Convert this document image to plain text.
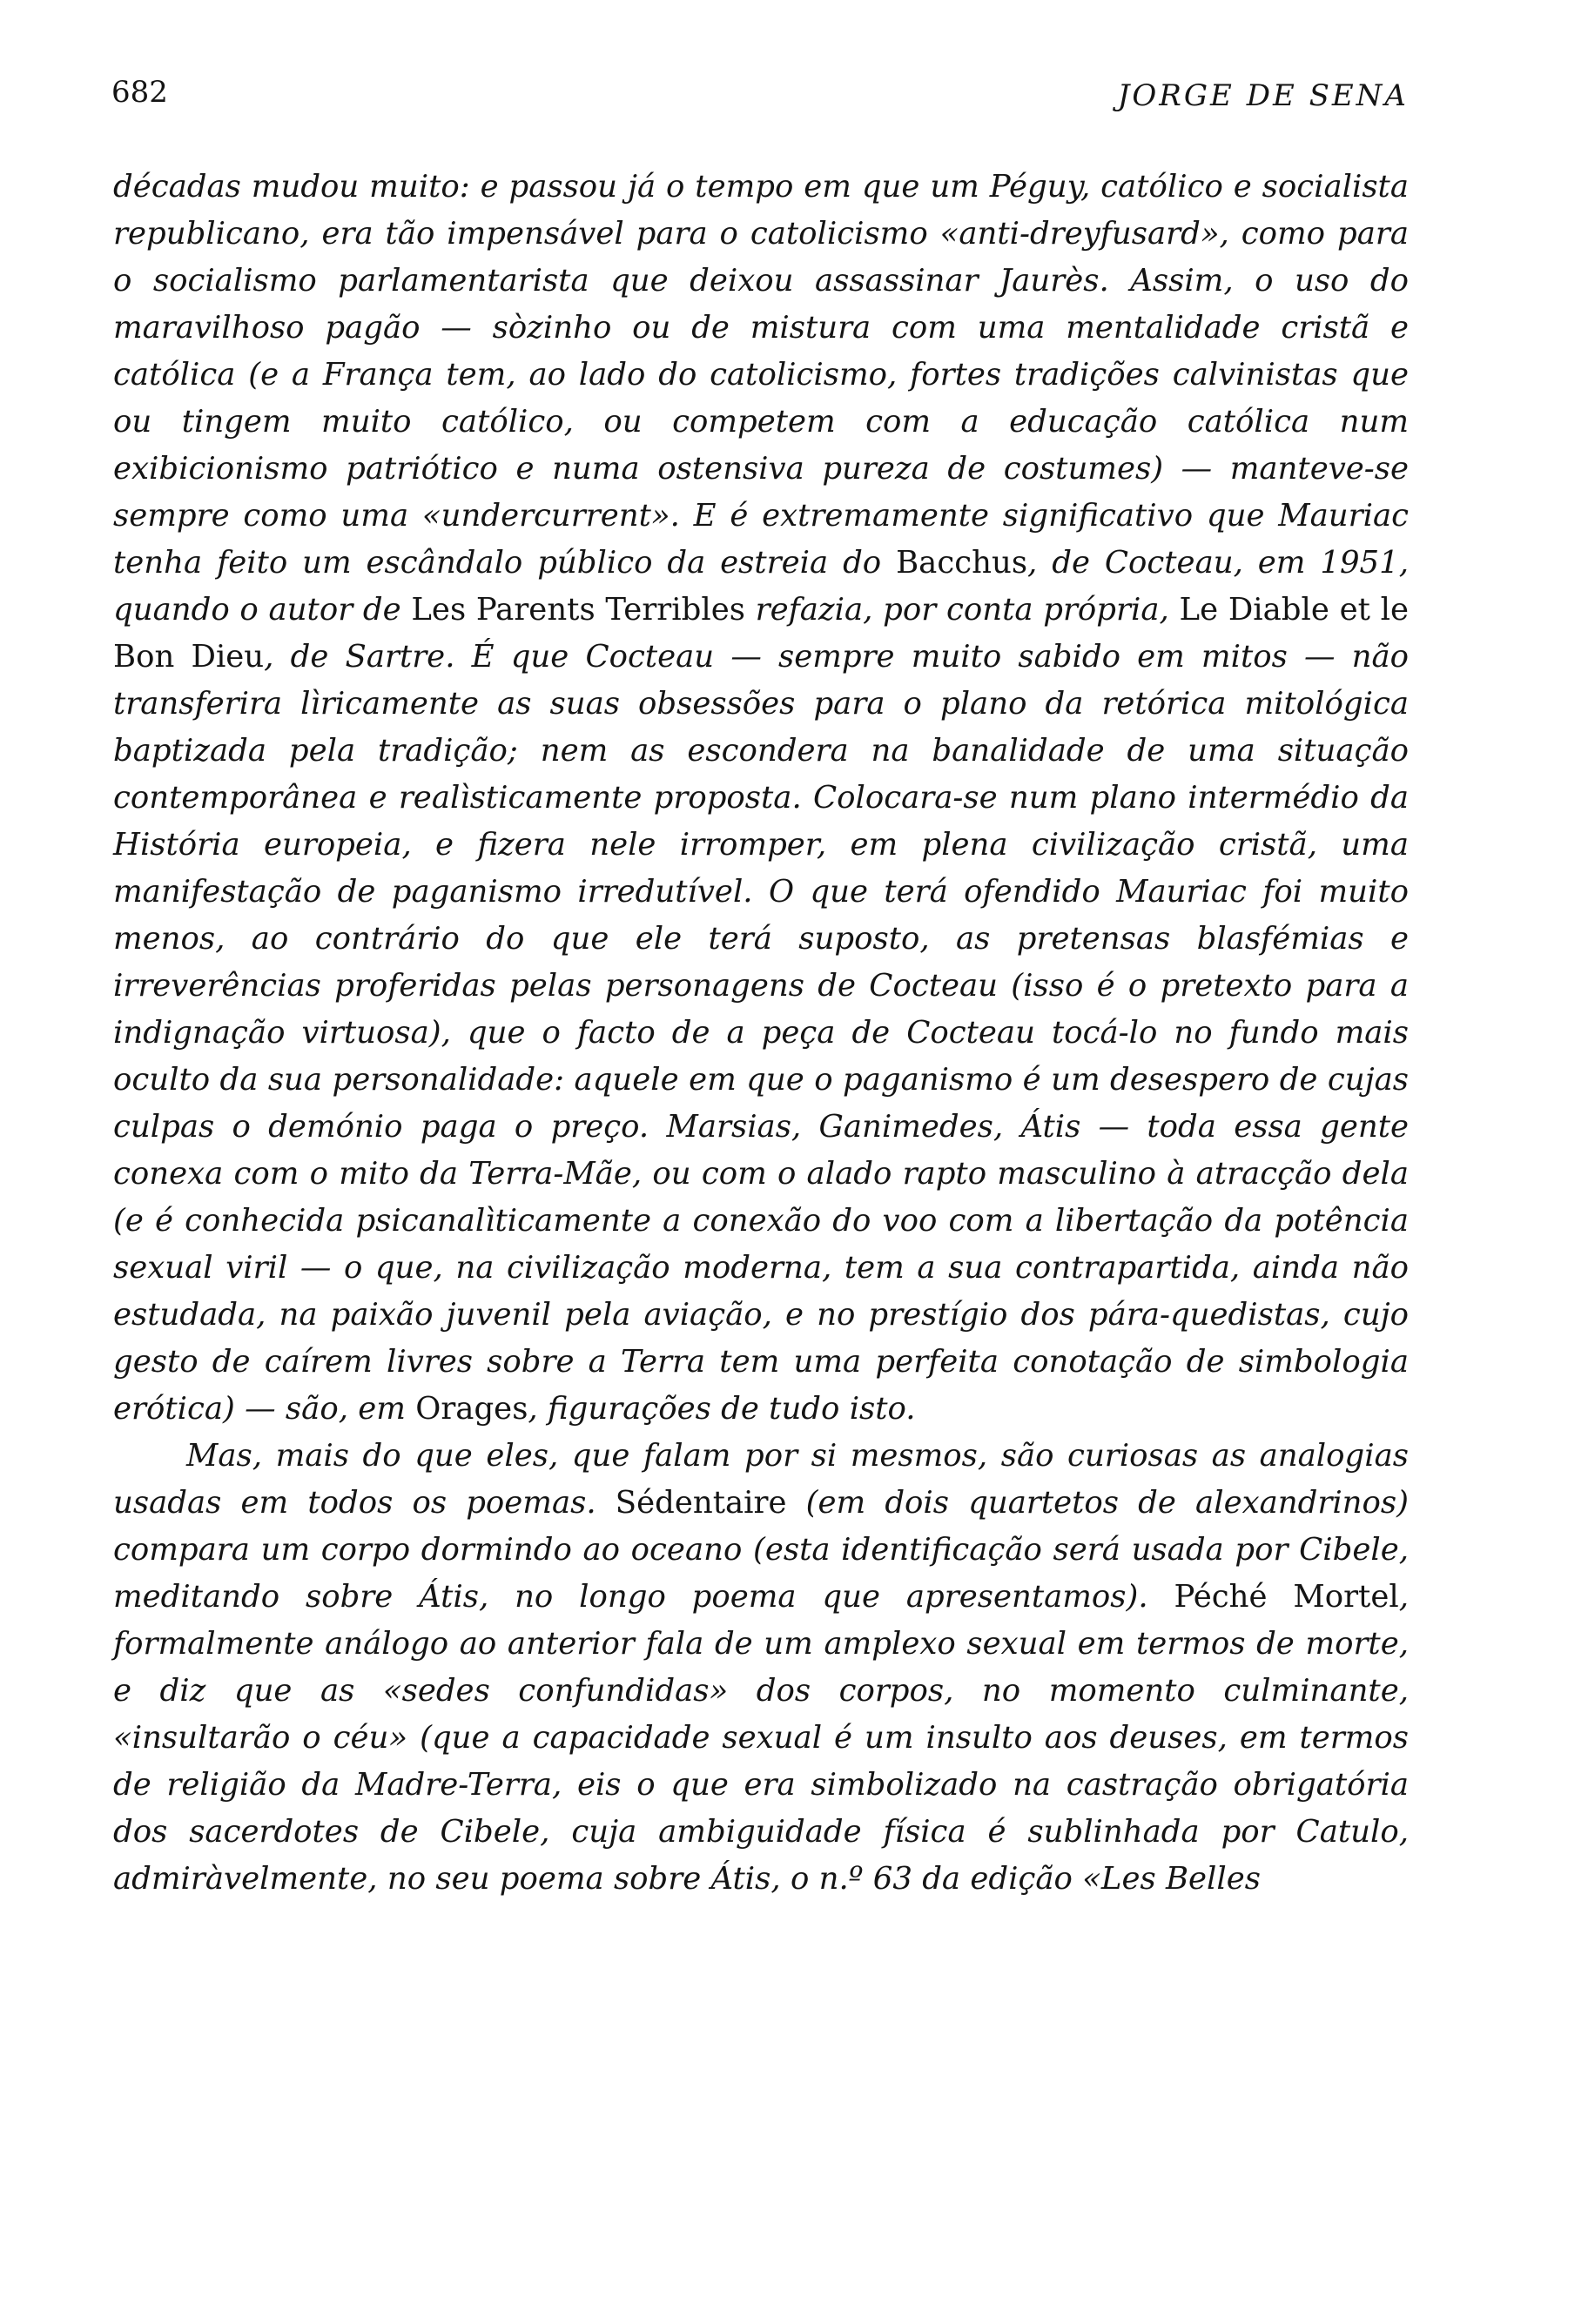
682	JORGE DE SENA

décadas mudou muito: e passou já o tempo em que um Péguy, católico e socialista republicano, era tão impensável para o catolicismo «anti-dreyfusard», como para o socialismo parlamentarista que deixou assassinar Jaurès. Assim, o uso do maravilhoso pagão — sòzinho ou de mistura com uma mentalidade cristã e católica (e a França tem, ao lado do catolicismo, fortes tradições calvinistas que ou tingem muito católico, ou competem com a educação católica num exibicionismo patriótico e numa ostensiva pureza de costumes) — manteve-se sempre como uma «undercurrent». E é extremamente significativo que Mauriac tenha feito um escândalo público da estreia do Bacchus, de Cocteau, em 1951, quando o autor de Les Parents Terribles refazia, por conta própria, Le Diable et le Bon Dieu, de Sartre. É que Cocteau — sempre muito sabido em mitos — não transferira lìricamente as suas obsessões para o plano da retórica mitológica baptizada pela tradição; nem as escondera na banalidade de uma situação contemporânea e realìsticamente proposta. Colocara-se num plano intermédio da História europeia, e fizera nele irromper, em plena civilização cristã, uma manifestação de paganismo irredutível. O que terá ofendido Mauriac foi muito menos, ao contrário do que ele terá suposto, as pretensas blasfémias e irreverências proferidas pelas personagens de Cocteau (isso é o pretexto para a indignação virtuosa), que o facto de a peça de Cocteau tocá-lo no fundo mais oculto da sua personalidade: aquele em que o paganismo é um desespero de cujas culpas o demónio paga o preço. Marsias, Ganimedes, Átis — toda essa gente conexa com o mito da Terra-Mãe, ou com o alado rapto masculino à atracção dela (e é conhecida psicanalìticamente a conexão do voo com a libertação da potência sexual viril — o que, na civilização moderna, tem a sua contrapartida, ainda não estudada, na paixão juvenil pela aviação, e no prestígio dos pára-quedistas, cujo gesto de caírem livres sobre a Terra tem uma perfeita conotação de simbologia erótica) — são, em Orages, figurações de tudo isto.

Mas, mais do que eles, que falam por si mesmos, são curiosas as analogias usadas em todos os poemas. Sédentaire (em dois quartetos de alexandrinos) compara um corpo dormindo ao oceano (esta identificação será usada por Cibele, meditando sobre Átis, no longo poema que apresentamos). Péché Mortel, formalmente análogo ao anterior fala de um amplexo sexual em termos de morte, e diz que as «sedes confundidas» dos corpos, no momento culminante, «insultarão o céu» (que a capacidade sexual é um insulto aos deuses, em termos de religião da Madre-Terra, eis o que era simbolizado na castração obrigatória dos sacerdotes de Cibele, cuja ambiguidade física é sublinhada por Catulo, admiràvelmente, no seu poema sobre Átis, o n.º 63 da edição «Les Belles
